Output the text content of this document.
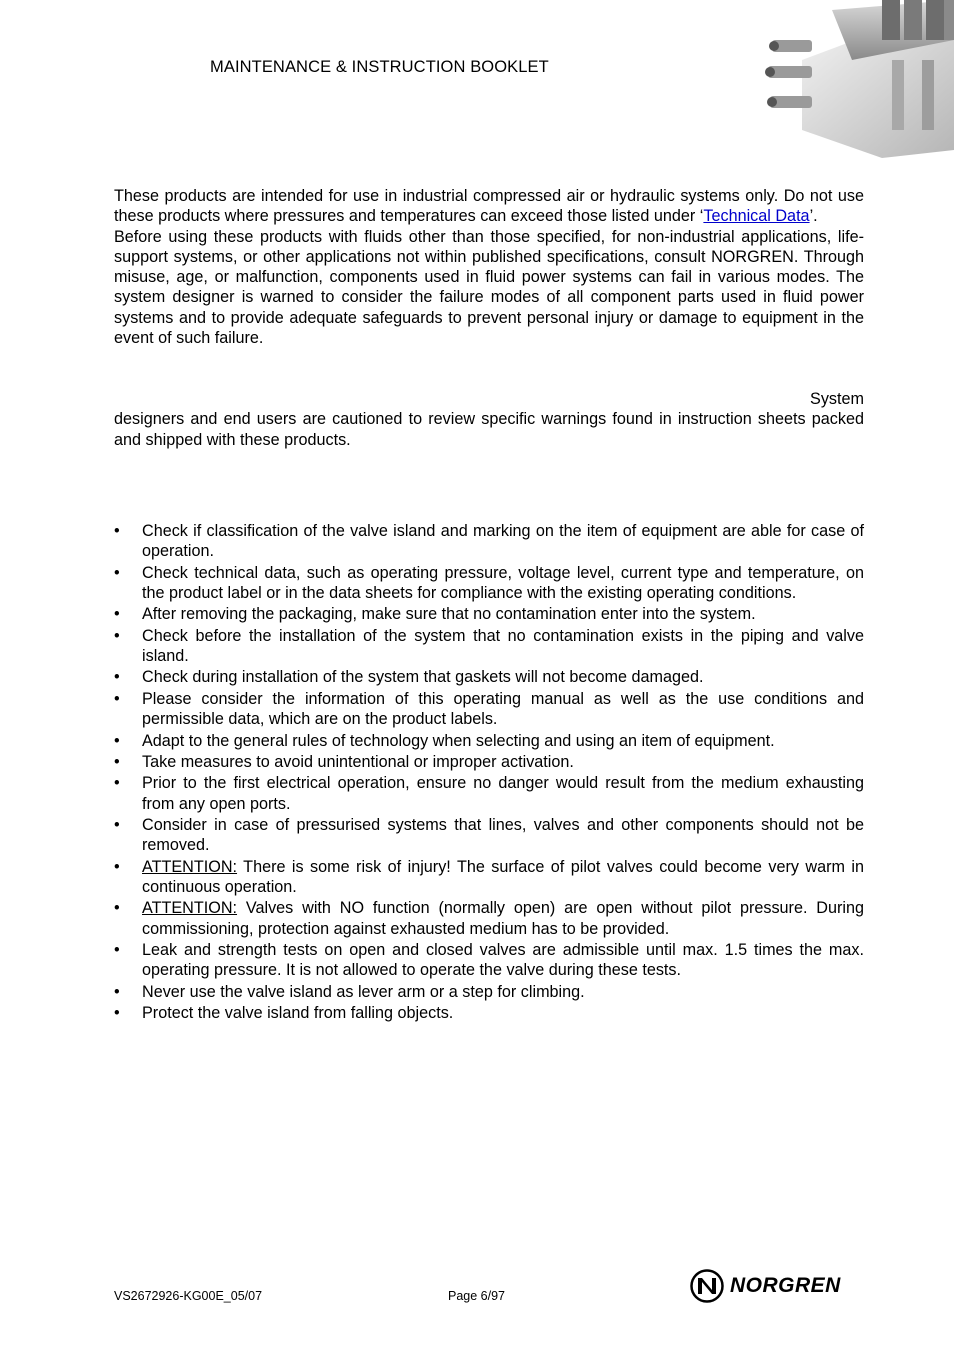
MAINTENANCE & INSTRUCTION BOOKLET

These products are intended for use in industrial compressed air or hydraulic systems only. Do not use these products where pressures and temperatures can exceed those listed under ‘Technical Data’.

Before using these products with fluids other than those specified, for non-industrial applications, life-support systems, or other applications not within published specifications, consult NORGREN. Through misuse, age, or malfunction, components used in fluid power systems can fail in various modes. The system designer is warned to consider the failure modes of all component parts used in fluid power systems and to provide adequate safeguards to prevent personal injury or damage to equipment in the event of such failure.

System

designers and end users are cautioned to review specific warnings found in instruction sheets packed and shipped with these products.

• Check if classification of the valve island and marking on the item of equipment are able for case of operation.
• Check technical data, such as operating pressure, voltage level, current type and temperature, on the product label or in the data sheets for compliance with the existing operating conditions.
• After removing the packaging, make sure that no contamination enter into the system.
• Check before the installation of the system that no contamination exists in the piping and valve island.
• Check during installation of the system that gaskets will not become damaged.
• Please consider the information of this operating manual as well as the use conditions and permissible data, which are on the product labels.
• Adapt to the general rules of technology when selecting and using an item of equipment.
• Take measures to avoid unintentional or improper activation.
• Prior to the first electrical operation, ensure no danger would result from the medium exhausting from any open ports.
• Consider in case of pressurised systems that lines, valves and other components should not be removed.
• ATTENTION: There is some risk of injury! The surface of pilot valves could become very warm in continuous operation.
• ATTENTION: Valves with NO function (normally open) are open without pilot pressure. During commissioning, protection against exhausted medium has to be provided.
• Leak and strength tests on open and closed valves are admissible until max. 1.5 times the max. operating pressure. It is not allowed to operate the valve during these tests.
• Never use the valve island as lever arm or a step for climbing.
• Protect the valve island from falling objects.
VS2672926-KG00E_05/07	Page 6/97	NORGREN
